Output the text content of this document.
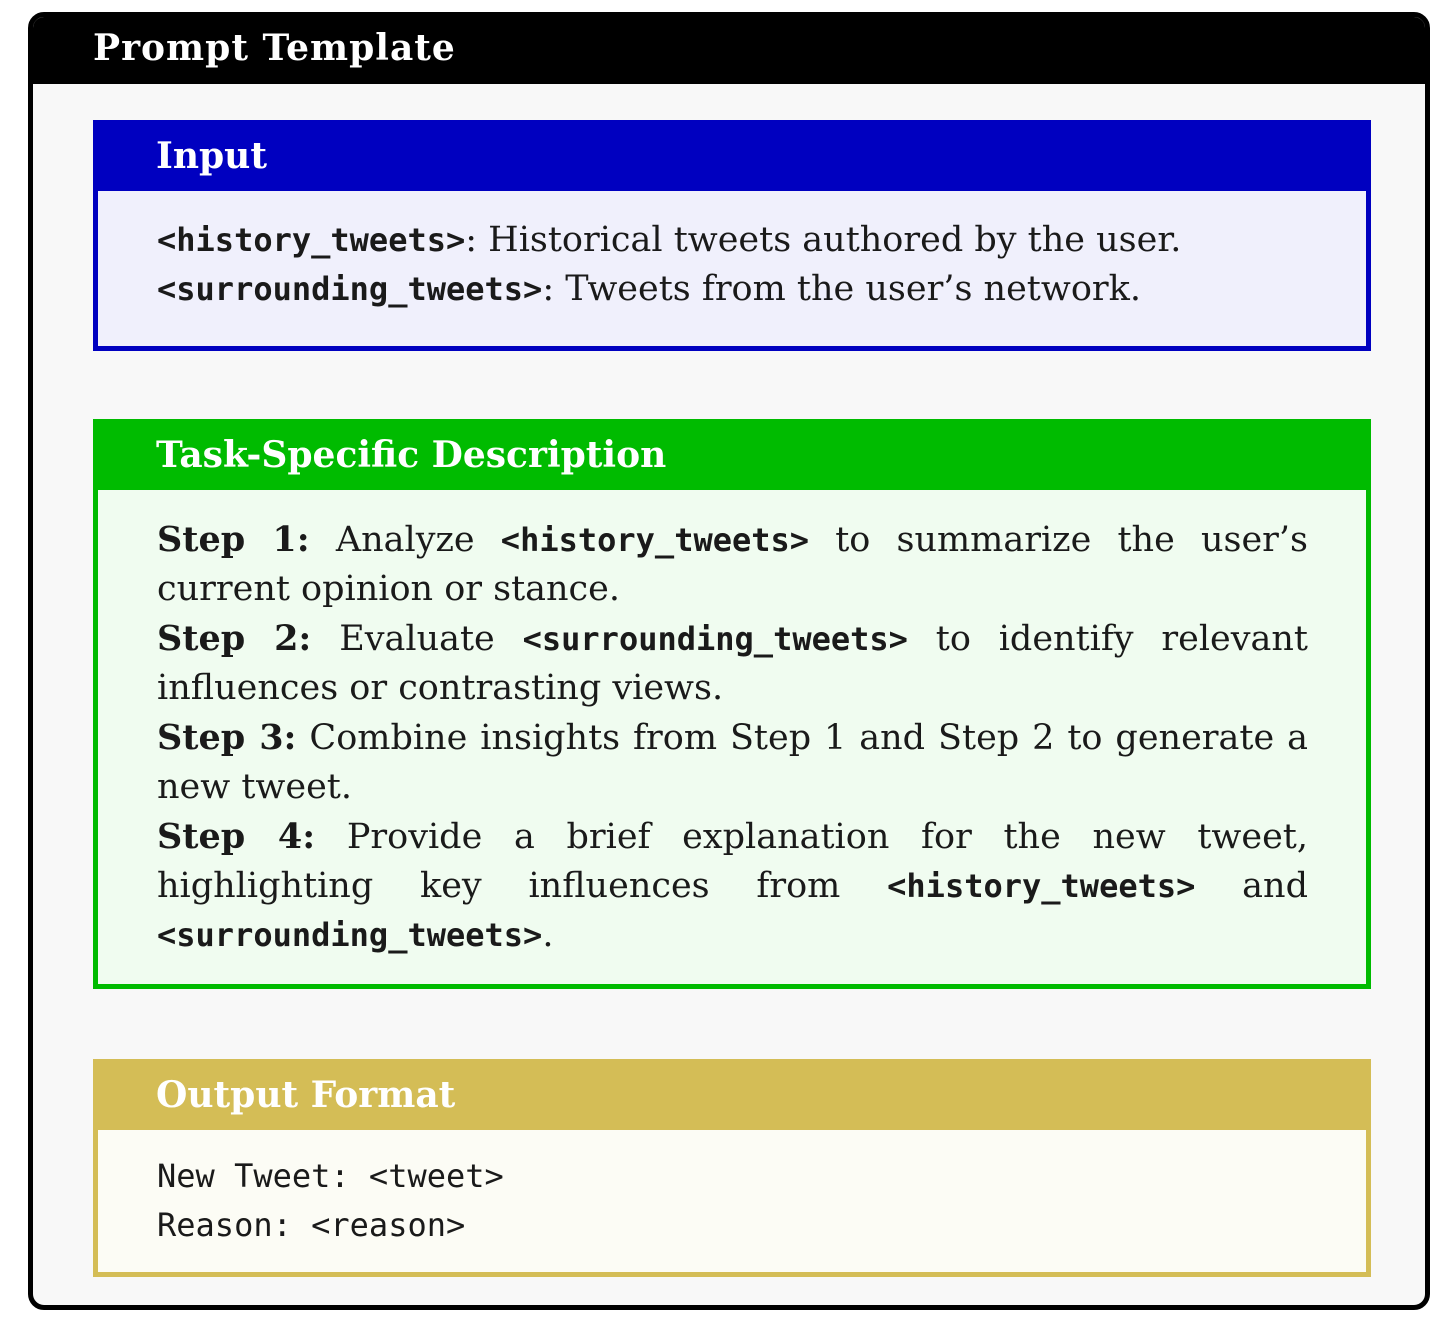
Prompt Template
Input
<history_tweets>: Historical tweets authored by the user.
<surrounding_tweets>: Tweets from the user’s network.
Task-Specific Description
Step 1: Analyze <history_tweets> to summarize the user’s current opinion or stance.
Step 2: Evaluate <surrounding_tweets> to identify relevant influences or contrasting views.
Step 3: Combine insights from Step 1 and Step 2 to generate a new tweet.
Step 4: Provide a brief explanation for the new tweet, highlighting key influences from <history_tweets> and <surrounding_tweets>.
Output Format
New Tweet: <tweet>
Reason: <reason>
